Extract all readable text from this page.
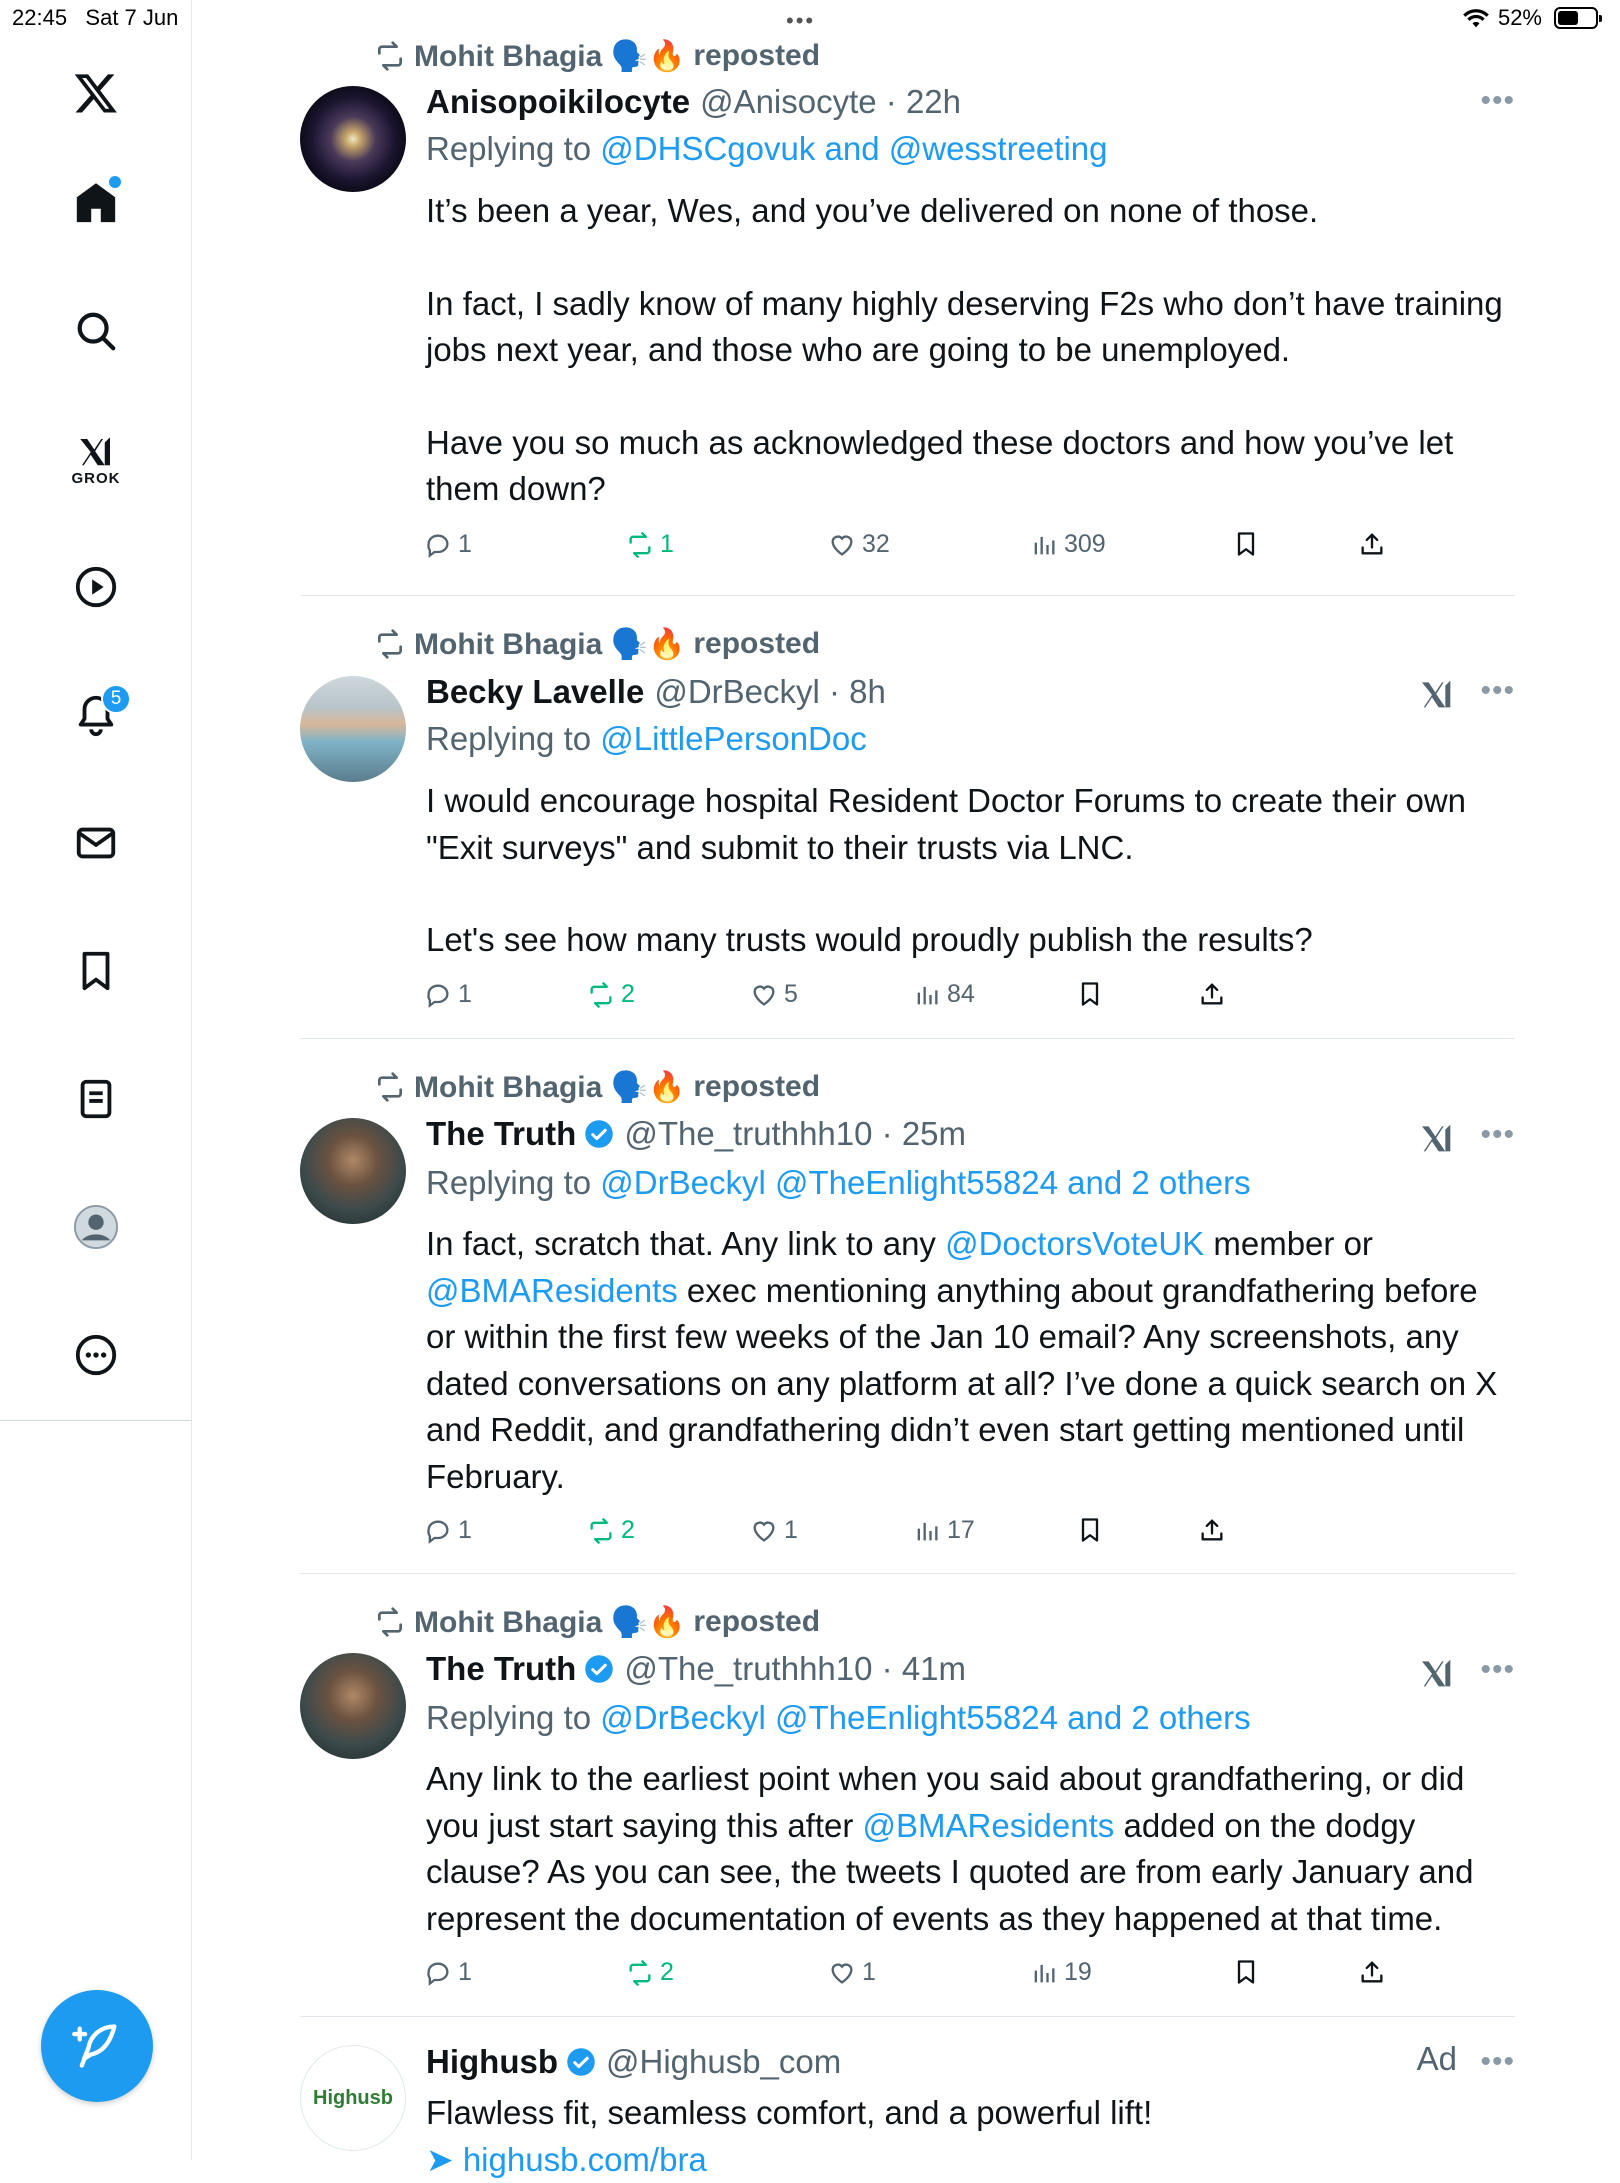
22:45 Sat 7 Jun	•••	52%
GROK
5
Mohit Bhagia 🗣️🔥 reposted
Anisopoikilocyte @Anisocyte · 22h	•••
Replying to @DHSCgovuk and @wesstreeting

It’s been a year, Wes, and you’ve delivered on none of those.

In fact, I sadly know of many highly deserving F2s who don’t have training jobs next year, and those who are going to be unemployed.

Have you so much as acknowledged these doctors and how you’ve let them down?

1	1	32	309
Mohit Bhagia 🗣️🔥 reposted
Becky Lavelle @DrBeckyl · 8h	•••
Replying to @LittlePersonDoc

I would encourage hospital Resident Doctor Forums to create their own "Exit surveys" and submit to their trusts via LNC.

Let's see how many trusts would proudly publish the results?

1	2	5	84
Mohit Bhagia 🗣️🔥 reposted
The Truth @The_truthhh10 · 25m	•••
Replying to @DrBeckyl @TheEnlight55824 and 2 others
In fact, scratch that. Any link to any @DoctorsVoteUK member or @BMAResidents exec mentioning anything about grandfathering before or within the first few weeks of the Jan 10 email? Any screenshots, any dated conversations on any platform at all? I’ve done a quick search on X and Reddit, and grandfathering didn’t even start getting mentioned until February.
1	2	1	17
Mohit Bhagia 🗣️🔥 reposted
The Truth @The_truthhh10 · 41m	•••
Replying to @DrBeckyl @TheEnlight55824 and 2 others
Any link to the earliest point when you said about grandfathering, or did you just start saying this after @BMAResidents added on the dodgy clause? As you can see, the tweets I quoted are from early January and represent the documentation of events as they happened at that time.
1	2	1	19
Highusb
Highusb @Highusb_com	Ad •••

Flawless fit, seamless comfort, and a powerful lift!

➤ highusb.com/bra
